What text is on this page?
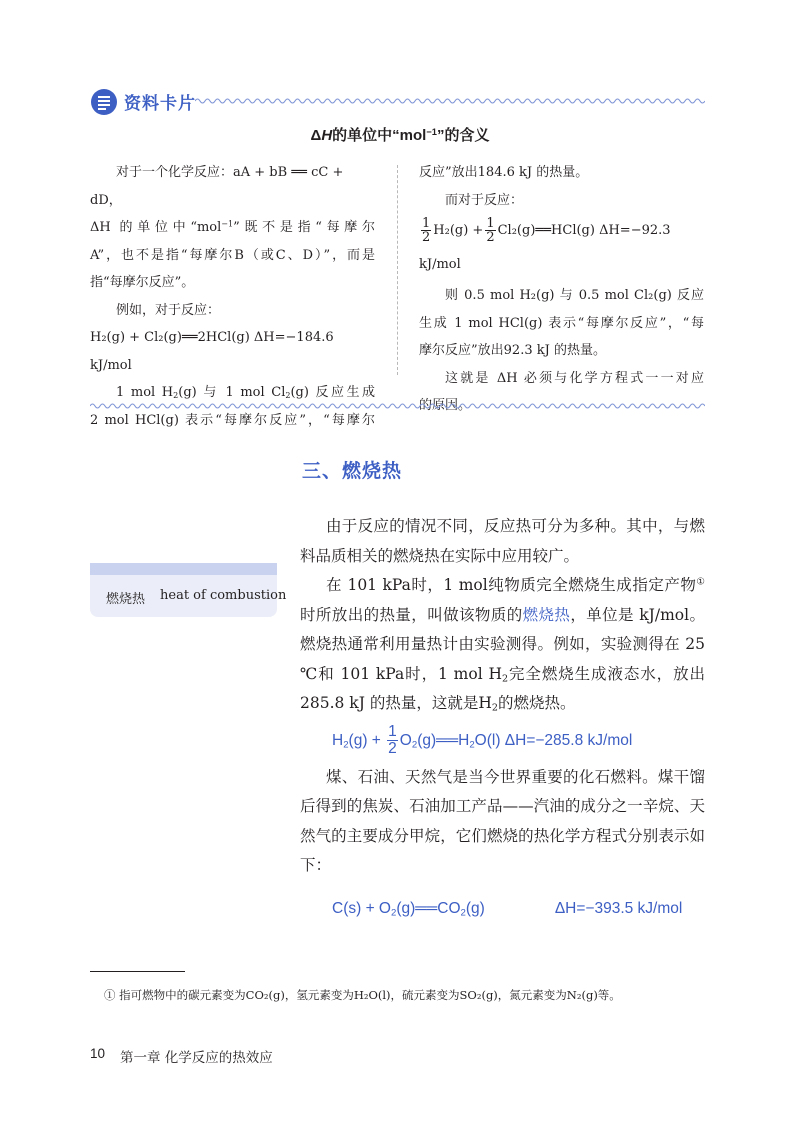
资料卡片
ΔH的单位中“mol$^{-1}$”的含义

对于一个化学反应：aA + bB ══ cC + dD，

ΔH 的单位中“mol$^{-1}$”既不是指“每摩尔

A”，也不是指“每摩尔B（或C、D）”，而是

指“每摩尔反应”。

例如，对于反应：

H₂(g) + Cl₂(g)══2HCl(g) ΔH=−184.6 kJ/mol

1 mol $H_2(g)$ 与 1 mol $Cl_2(g)$ 反应生成

2 mol HCl(g) 表示“每摩尔反应”，“每摩尔

反应”放出184.6 kJ 的热量。

而对于反应：

$\frac{1}{2} H_2(g) + \frac{1}{2}$ Cl₂(g)══HCl(g) ΔH=−92.3 kJ/mol

则 0.5 mol H₂(g) 与 0.5 mol Cl₂(g) 反应

生成 1 mol HCl(g) 表示“每摩尔反应”，“每

摩尔反应”放出92.3 kJ 的热量。

这就是 ΔH 必须与化学方程式一一对应

的原因。

三、燃烧热
燃烧热 heat of combustion

由于反应的情况不同，反应热可分为多种。其中，与燃料品质相关的燃烧热在实际中应用较广。

在 101 kPa时，1 mol纯物质完全燃烧生成指定产物①时所放出的热量，叫做该物质的燃烧热，单位是 kJ/mol。燃烧热通常利用量热计由实验测得。例如，实验测得在 25 ℃和 101 kPa时，1 mol $H_2$完全燃烧生成液态水，放出 285.8 kJ 的热量，这就是$H_2$的燃烧热。

$H_2(g) + \frac{1}{2}$ $O_2(g)══H_2O(l)$ ΔH=−285.8 kJ/mol

煤、石油、天然气是当今世界重要的化石燃料。煤干馏后得到的焦炭、石油加工产品——汽油的成分之一辛烷、天然气的主要成分甲烷，它们燃烧的热化学方程式分别表示如下：

$C(s) + O_2(g)══CO_2(g)$	ΔH=−393.5 kJ/mol

① 指可燃物中的碳元素变为CO₂(g)，氢元素变为H₂O(l)，硫元素变为SO₂(g)，氮元素变为N₂(g)等。
10 第一章 化学反应的热效应
